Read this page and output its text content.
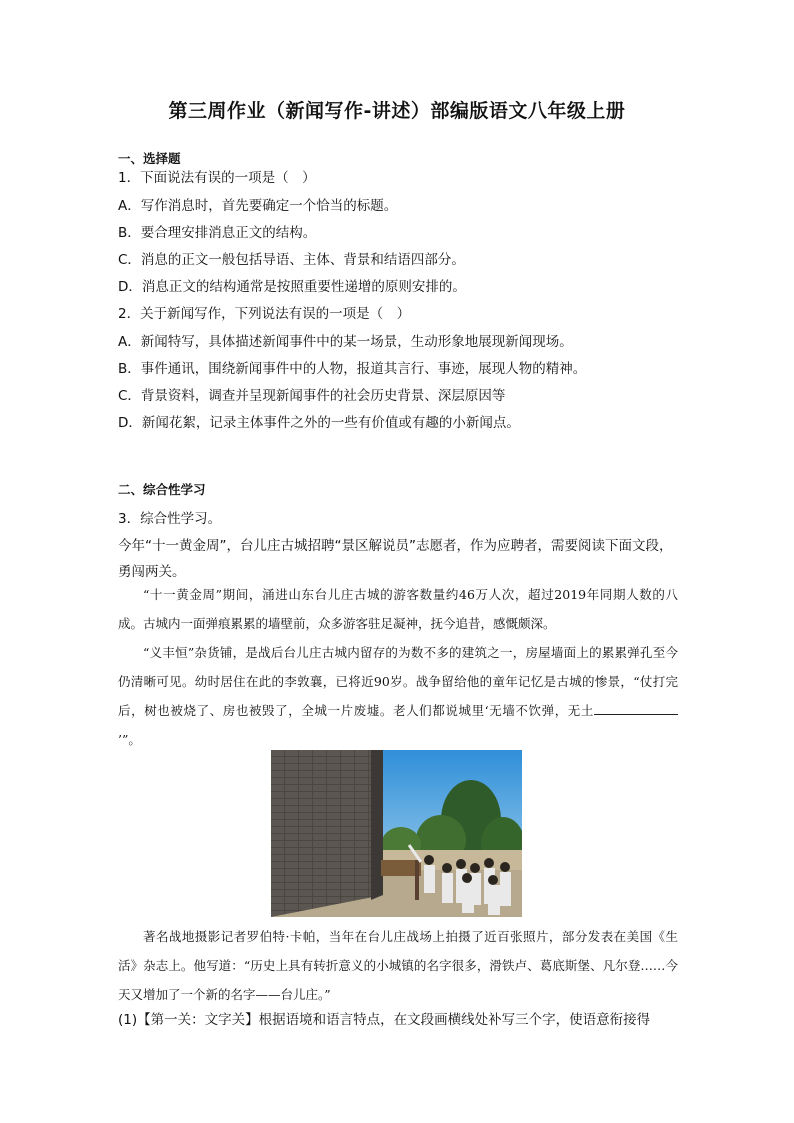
第三周作业（新闻写作-讲述）部编版语文八年级上册
一、选择题
1．下面说法有误的一项是（　）
A．写作消息时，首先要确定一个恰当的标题。
B．要合理安排消息正文的结构。
C．消息的正文一般包括导语、主体、背景和结语四部分。
D．消息正文的结构通常是按照重要性递增的原则安排的。
2．关于新闻写作，下列说法有误的一项是（　）
A．新闻特写，具体描述新闻事件中的某一场景，生动形象地展现新闻现场。
B．事件通讯，围绕新闻事件中的人物，报道其言行、事迹，展现人物的精神。
C．背景资料，调查并呈现新闻事件的社会历史背景、深层原因等
D．新闻花絮，记录主体事件之外的一些有价值或有趣的小新闻点。
二、综合性学习
3．综合性学习。
今年“十一黄金周”，台儿庄古城招聘“景区解说员”志愿者，作为应聘者，需要阅读下面文段，
勇闯两关。

“十一黄金周”期间，涌进山东台儿庄古城的游客数量约46万人次，超过2019年同期人数的八成。古城内一面弹痕累累的墙壁前，众多游客驻足凝神，抚今追昔，感慨颇深。

“义丰恒”杂货铺，是战后台儿庄古城内留存的为数不多的建筑之一，房屋墙面上的累累弹孔至今仍清晰可见。幼时居住在此的李敦襄，已将近90岁。战争留给他的童年记忆是古城的惨景，“仗打完后，树也被烧了、房也被毁了，全城一片废墟。老人们都说城里‘无墙不饮弹，无土’”。

著名战地摄影记者罗伯特·卡帕，当年在台儿庄战场上拍摄了近百张照片，部分发表在美国《生活》杂志上。他写道：“历史上具有转折意义的小城镇的名字很多，滑铁卢、葛底斯堡、凡尔登……今天又增加了一个新的名字——台儿庄。”

(1)【第一关：文字关】根据语境和语言特点，在文段画横线处补写三个字，使语意衔接得
